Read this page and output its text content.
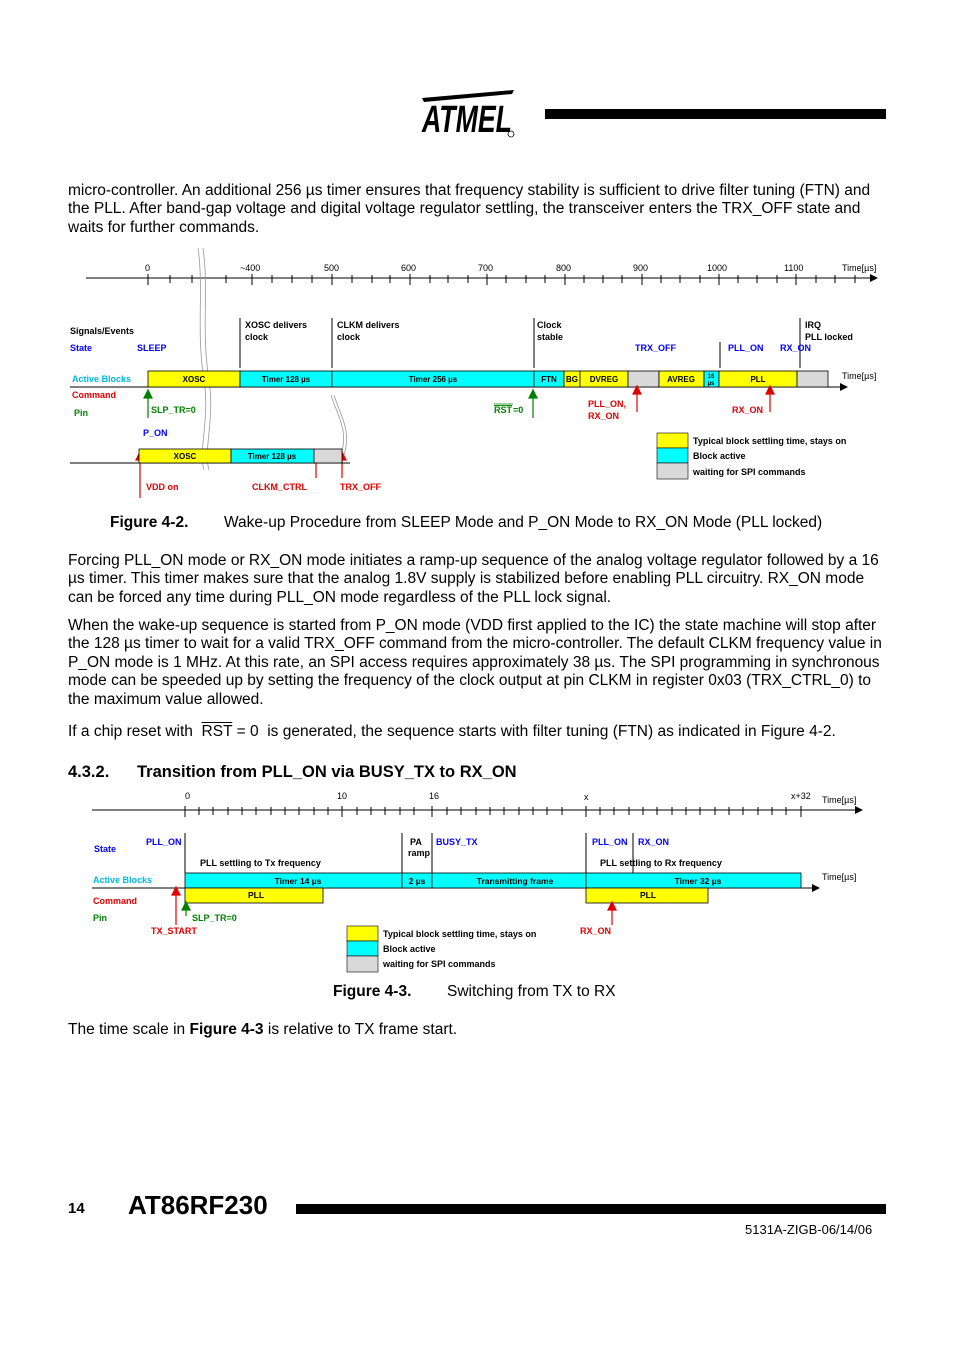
ATMEL
micro-controller. An additional 256 µs timer ensures that frequency stability is sufficient to drive filter tuning (FTN) and the PLL. After band-gap voltage and digital voltage regulator settling, the transceiver enters the TRX_OFF state and waits for further commands.
0	~400	500	600	700	800	900	1000	1100	Time[µs]
XOSC delivers
clock
CLKM delivers
clock
Clock
stable
IRQ
PLL locked
Signals/Events
State
Active Blocks
Command
Pin
SLEEP	TRX_OFF	PLL_ON RX_ON
P_ON
Time[µs]
XOSC	Timer 128 µs	Timer 256 µs	FTN BG DVREG	AVREG 16
µs	PLL
PLL_ON,
RX_ON
RX_ON
CLKM_CTRL	TRX_OFF
VDD on
SLP_TR=0	RST =0
XOSC	Timer 128 µs
Typical block settling time, stays on
Block active
waiting for SPI commands
Figure 4-2. Wake-up Procedure from SLEEP Mode and P_ON Mode to RX_ON Mode (PLL locked)
Forcing PLL_ON mode or RX_ON mode initiates a ramp-up sequence of the analog voltage regulator followed by a 16 µs timer. This timer makes sure that the analog 1.8V supply is stabilized before enabling PLL circuitry. RX_ON mode can be forced any time during PLL_ON mode regardless of the PLL lock signal.
When the wake-up sequence is started from P_ON mode (VDD first applied to the IC) the state machine will stop after the 128 µs timer to wait for a valid TRX_OFF command from the micro-controller. The default CLKM frequency value in P_ON mode is 1 MHz. At this rate, an SPI access requires approximately 38 µs. The SPI programming in synchronous mode can be speeded up by setting the frequency of the clock output at pin CLKM in register 0x03 (TRX_CTRL_0) to the maximum value allowed.
If a chip reset with $\overline{RST} = 0$ is generated, the sequence starts with filter tuning (FTN) as indicated in Figure 4-2.
4.3.2. Transition from PLL_ON via BUSY_TX to RX_ON
0	10	16	x	x+32 Time[µs]
State
Active Blocks
Command
Pin
PLL_ON	PA
ramp
BUSY_TX	PLL_ON RX_ON
PLL settling to Tx frequency	PLL settling to Rx frequency
Time[µs]
Timer 14 µs	2 µs	Transmitting frame	Timer 32 µs
PLL	PLL
TX_START
SLP_TR=0
RX_ON
Typical block settling time, stays on
Block active
waiting for SPI commands
Figure 4-3. Switching from TX to RX
The time scale in Figure 4-3 is relative to TX frame start.
14 AT86RF230
5131A-ZIGB-06/14/06
